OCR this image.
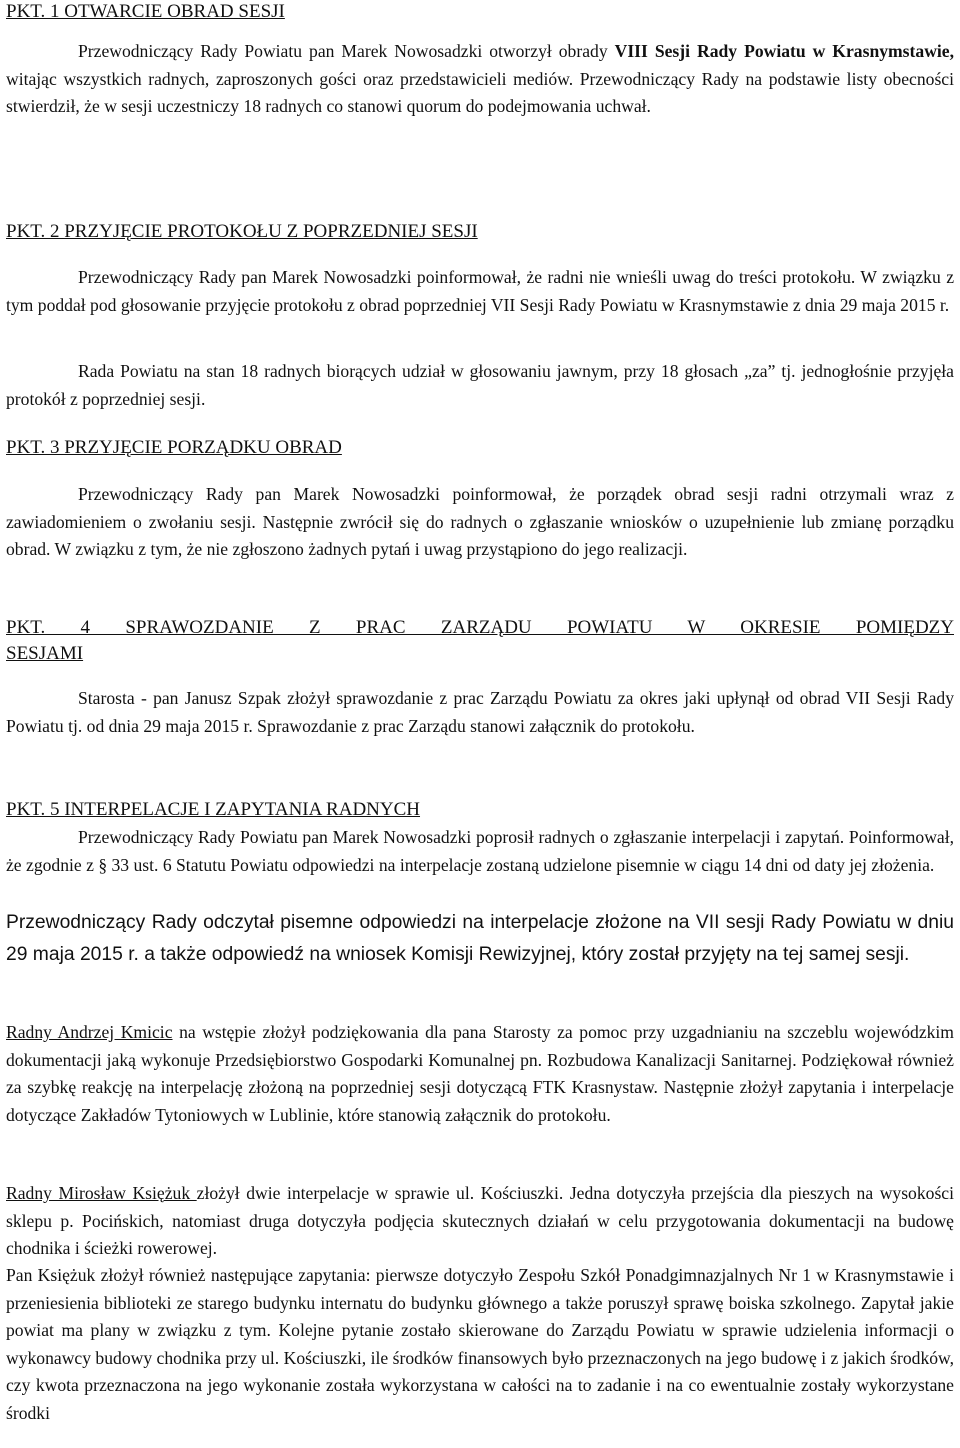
PKT. 1 OTWARCIE OBRAD SESJI

Przewodniczący Rady Powiatu pan Marek Nowosadzki otworzył obrady VIII Sesji Rady Powiatu w Krasnymstawie, witając wszystkich radnych, zaproszonych gości oraz przedstawicieli mediów. Przewodniczący Rady na podstawie listy obecności stwierdził, że w sesji uczestniczy 18 radnych co stanowi quorum do podejmowania uchwał.

PKT. 2 PRZYJĘCIE PROTOKOŁU Z POPRZEDNIEJ SESJI

Przewodniczący Rady pan Marek Nowosadzki poinformował, że radni nie wnieśli uwag do treści protokołu. W związku z tym poddał pod głosowanie przyjęcie protokołu z obrad poprzedniej VII Sesji Rady Powiatu w Krasnymstawie z dnia 29 maja 2015 r.

Rada Powiatu na stan 18 radnych biorących udział w głosowaniu jawnym, przy 18 głosach „za” tj. jednogłośnie przyjęła protokół z poprzedniej sesji.

PKT. 3 PRZYJĘCIE PORZĄDKU OBRAD

Przewodniczący Rady pan Marek Nowosadzki poinformował, że porządek obrad sesji radni otrzymali wraz z zawiadomieniem o zwołaniu sesji. Następnie zwrócił się do radnych o zgłaszanie wniosków o uzupełnienie lub zmianę porządku obrad. W związku z tym, że nie zgłoszono żadnych pytań i uwag przystąpiono do jego realizacji.

PKT. 4 SPRAWOZDANIE Z PRAC ZARZĄDU POWIATU W OKRESIE POMIĘDZY
SESJAMI

Starosta - pan Janusz Szpak złożył sprawozdanie z prac Zarządu Powiatu za okres jaki upłynął od obrad VII Sesji Rady Powiatu tj. od dnia 29 maja 2015 r. Sprawozdanie z prac Zarządu stanowi załącznik do protokołu.

PKT. 5 INTERPELACJE I ZAPYTANIA RADNYCH

Przewodniczący Rady Powiatu pan Marek Nowosadzki poprosił radnych o zgłaszanie interpelacji i zapytań. Poinformował, że zgodnie z § 33 ust. 6 Statutu Powiatu odpowiedzi na interpelacje zostaną udzielone pisemnie w ciągu 14 dni od daty jej złożenia.

Przewodniczący Rady odczytał pisemne odpowiedzi na interpelacje złożone na VII sesji Rady Powiatu w dniu 29 maja 2015 r. a także odpowiedź na wniosek Komisji Rewizyjnej, który został przyjęty na tej samej sesji.

Radny Andrzej Kmicic na wstępie złożył podziękowania dla pana Starosty za pomoc przy uzgadnianiu na szczeblu wojewódzkim dokumentacji jaką wykonuje Przedsiębiorstwo Gospodarki Komunalnej pn. Rozbudowa Kanalizacji Sanitarnej. Podziękował również za szybkę reakcję na interpelację złożoną na poprzedniej sesji dotyczącą FTK Krasnystaw. Następnie złożył zapytania i interpelacje dotyczące Zakładów Tytoniowych w Lublinie, które stanowią załącznik do protokołu.

Radny Mirosław Księżuk złożył dwie interpelacje w sprawie ul. Kościuszki. Jedna dotyczyła przejścia dla pieszych na wysokości sklepu p. Pocińskich, natomiast druga dotyczyła podjęcia skutecznych działań w celu przygotowania dokumentacji na budowę chodnika i ścieżki rowerowej.

Pan Księżuk złożył również następujące zapytania: pierwsze dotyczyło Zespołu Szkół Ponadgimnazjalnych Nr 1 w Krasnymstawie i przeniesienia biblioteki ze starego budynku internatu do budynku głównego a także poruszył sprawę boiska szkolnego. Zapytał jakie powiat ma plany w związku z tym. Kolejne pytanie zostało skierowane do Zarządu Powiatu w sprawie udzielenia informacji o wykonawcy budowy chodnika przy ul. Kościuszki, ile środków finansowych było przeznaczonych na jego budowę i z jakich środków, czy kwota przeznaczona na jego wykonanie została wykorzystana w całości na to zadanie i na co ewentualnie zostały wykorzystane środki
